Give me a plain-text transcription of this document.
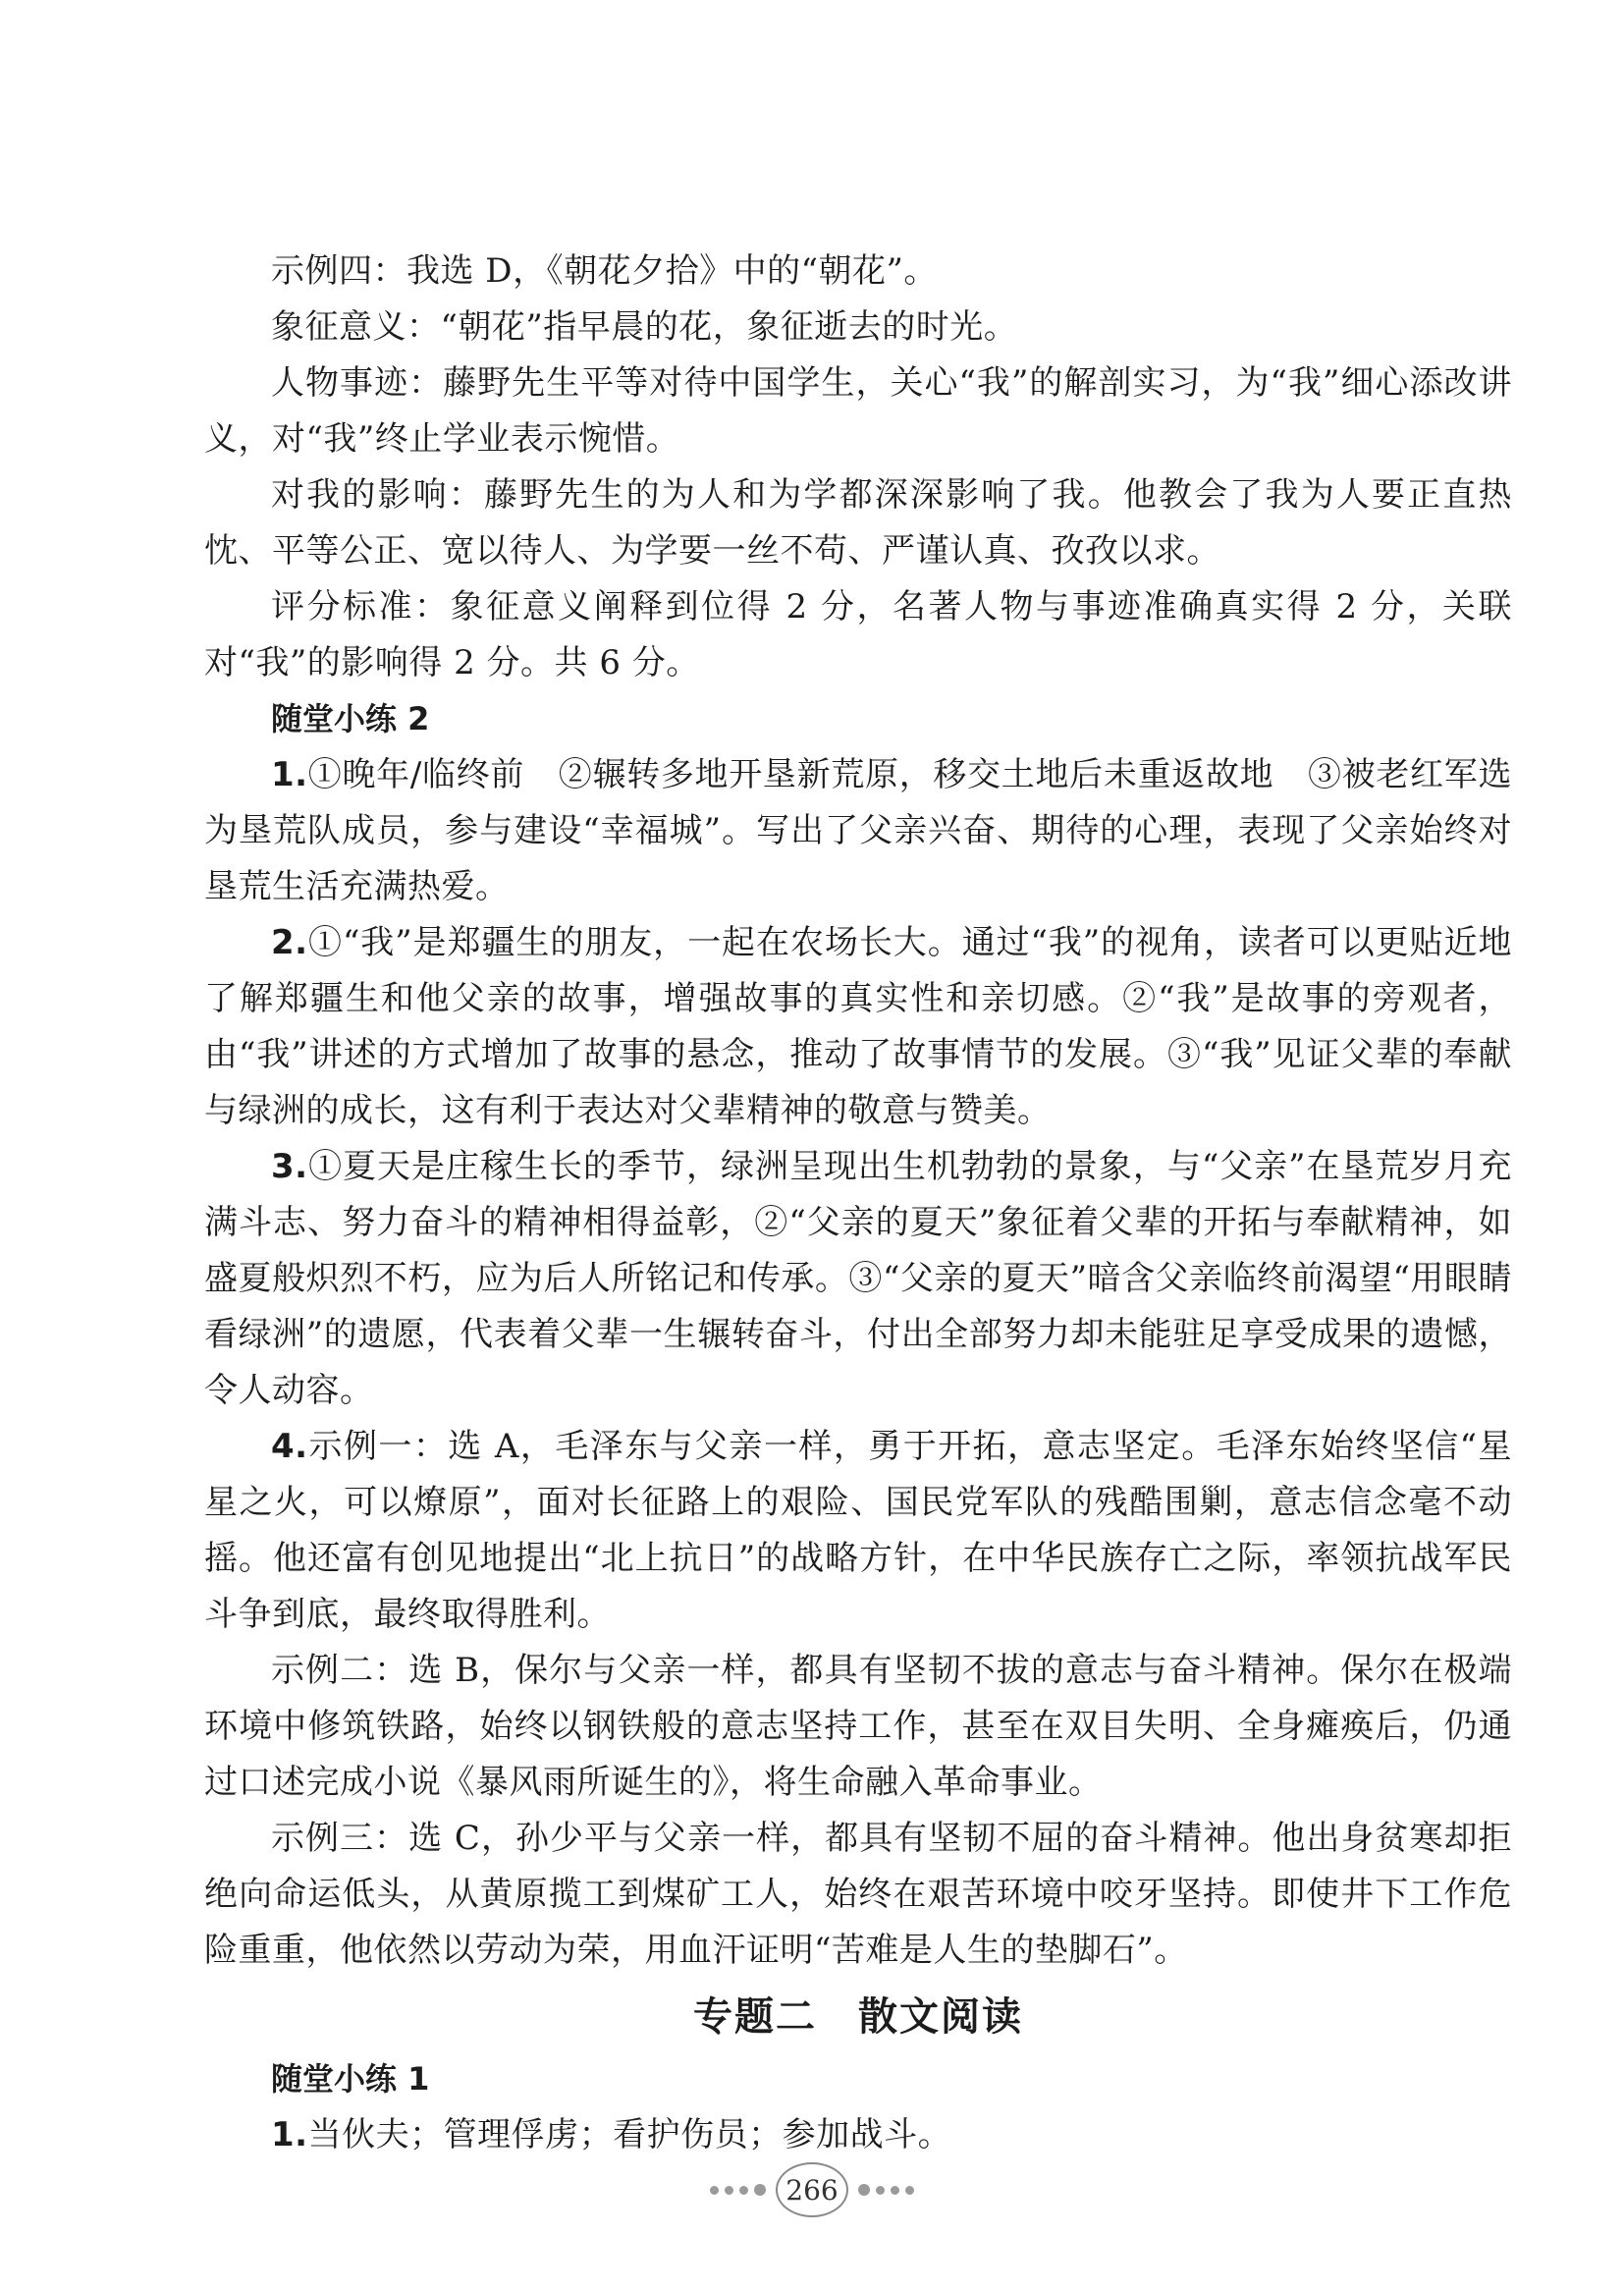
示例四：我选 D，《朝花夕拾》中的“朝花”。

象征意义：“朝花”指早晨的花，象征逝去的时光。

人物事迹：藤野先生平等对待中国学生，关心“我”的解剖实习，为“我”细心添改讲义，对“我”终止学业表示惋惜。

对我的影响：藤野先生的为人和为学都深深影响了我。他教会了我为人要正直热忱、平等公正、宽以待人、为学要一丝不苟、严谨认真、孜孜以求。

评分标准：象征意义阐释到位得 2 分，名著人物与事迹准确真实得 2 分，关联对“我”的影响得 2 分。共 6 分。

随堂小练 2

1.①晚年/临终前　②辗转多地开垦新荒原，移交土地后未重返故地　③被老红军选为垦荒队成员，参与建设“幸福城”。写出了父亲兴奋、期待的心理，表现了父亲始终对垦荒生活充满热爱。

2.①“我”是郑疆生的朋友，一起在农场长大。通过“我”的视角，读者可以更贴近地了解郑疆生和他父亲的故事，增强故事的真实性和亲切感。②“我”是故事的旁观者，由“我”讲述的方式增加了故事的悬念，推动了故事情节的发展。③“我”见证父辈的奉献与绿洲的成长，这有利于表达对父辈精神的敬意与赞美。

3.①夏天是庄稼生长的季节，绿洲呈现出生机勃勃的景象，与“父亲”在垦荒岁月充满斗志、努力奋斗的精神相得益彰，②“父亲的夏天”象征着父辈的开拓与奉献精神，如盛夏般炽烈不朽，应为后人所铭记和传承。③“父亲的夏天”暗含父亲临终前渴望“用眼睛看绿洲”的遗愿，代表着父辈一生辗转奋斗，付出全部努力却未能驻足享受成果的遗憾，令人动容。

4.示例一：选 A，毛泽东与父亲一样，勇于开拓，意志坚定。毛泽东始终坚信“星星之火，可以燎原”，面对长征路上的艰险、国民党军队的残酷围剿，意志信念毫不动摇。他还富有创见地提出“北上抗日”的战略方针，在中华民族存亡之际，率领抗战军民斗争到底，最终取得胜利。

示例二：选 B，保尔与父亲一样，都具有坚韧不拔的意志与奋斗精神。保尔在极端环境中修筑铁路，始终以钢铁般的意志坚持工作，甚至在双目失明、全身瘫痪后，仍通过口述完成小说《暴风雨所诞生的》，将生命融入革命事业。

示例三：选 C，孙少平与父亲一样，都具有坚韧不屈的奋斗精神。他出身贫寒却拒绝向命运低头，从黄原揽工到煤矿工人，始终在艰苦环境中咬牙坚持。即使井下工作危险重重，他依然以劳动为荣，用血汗证明“苦难是人生的垫脚石”。

专题二　散文阅读

随堂小练 1

1.当伙夫；管理俘虏；看护伤员；参加战斗。

266
